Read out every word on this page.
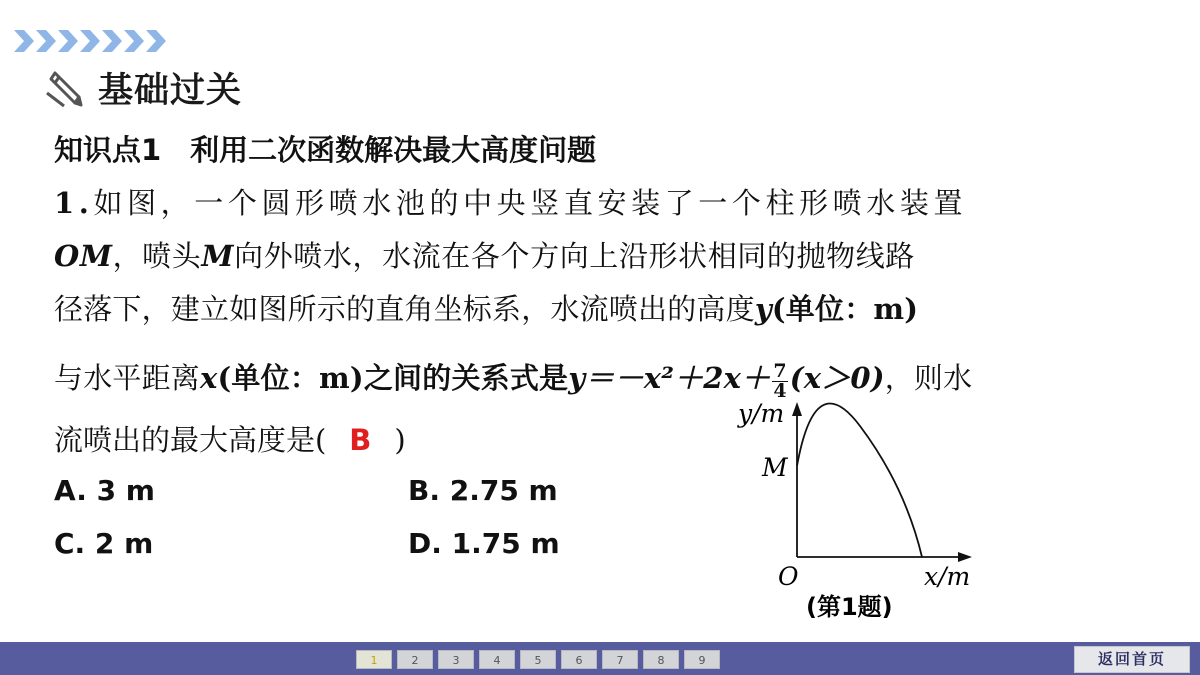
基础过关
知识点1　利用二次函数解决最大高度问题
1.如图，一个圆形喷水池的中央竖直安装了一个柱形喷水装置
OM，喷头M向外喷水，水流在各个方向上沿形状相同的抛物线路
径落下，建立如图所示的直角坐标系，水流喷出的高度y(单位：m)
与水平距离x(单位：m)之间的关系式是$y=-x^2+2x+ \frac{7}{4} (x>0)$，则水
流喷出的最大高度是( B )
A. 3 m	B. 2.75 m
C. 2 m	D. 1.75 m
y/m
M
O	x/m
(第1题)
1	2	3	4	5	6	7	8	9	返回首页
